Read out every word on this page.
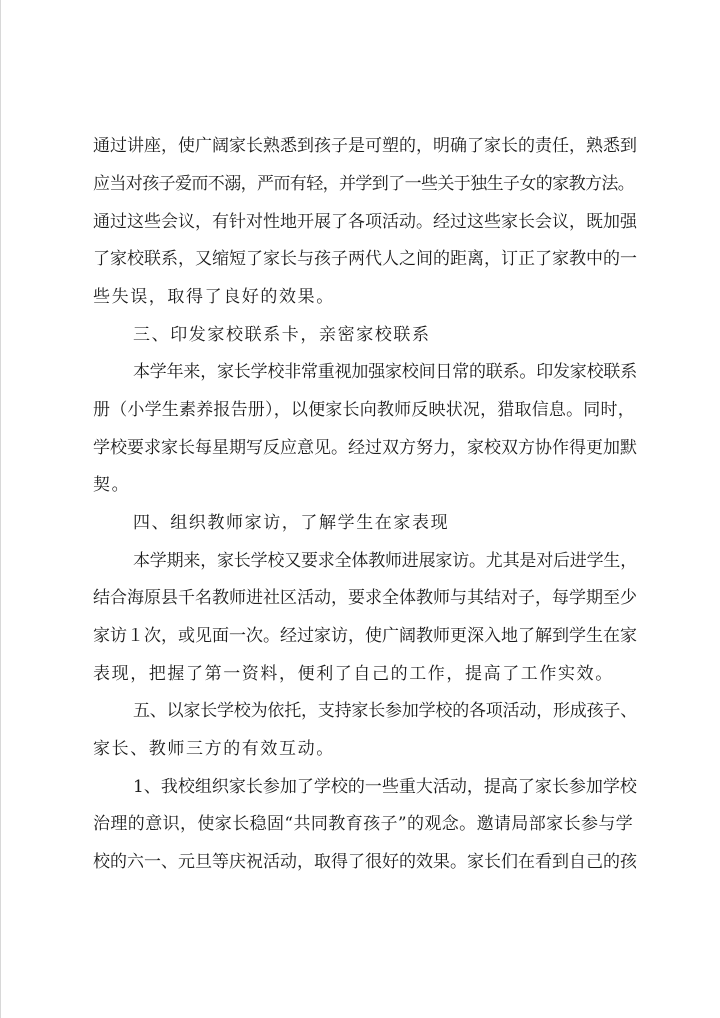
通过讲座，使广阔家长熟悉到孩子是可塑的，明确了家长的责任，熟悉到
应当对孩子爱而不溺，严而有轻，并学到了一些关于独生子女的家教方法。
通过这些会议，有针对性地开展了各项活动。经过这些家长会议，既加强
了家校联系，又缩短了家长与孩子两代人之间的距离，订正了家教中的一
些失误，取得了良好的效果。
三、印发家校联系卡，亲密家校联系
本学年来，家长学校非常重视加强家校间日常的联系。印发家校联系
册（小学生素养报告册），以便家长向教师反映状况，猎取信息。同时，
学校要求家长每星期写反应意见。经过双方努力，家校双方协作得更加默
契。
四、组织教师家访，了解学生在家表现
本学期来，家长学校又要求全体教师进展家访。尤其是对后进学生，
结合海原县千名教师进社区活动，要求全体教师与其结对子，每学期至少
家访１次，或见面一次。经过家访，使广阔教师更深入地了解到学生在家
表现，把握了第一资料，便利了自己的工作，提高了工作实效。
五、以家长学校为依托，支持家长参加学校的各项活动，形成孩子、
家长、教师三方的有效互动。
1、我校组织家长参加了学校的一些重大活动，提高了家长参加学校
治理的意识，使家长稳固“共同教育孩子”的观念。邀请局部家长参与学
校的六一、元旦等庆祝活动，取得了很好的效果。家长们在看到自己的孩
